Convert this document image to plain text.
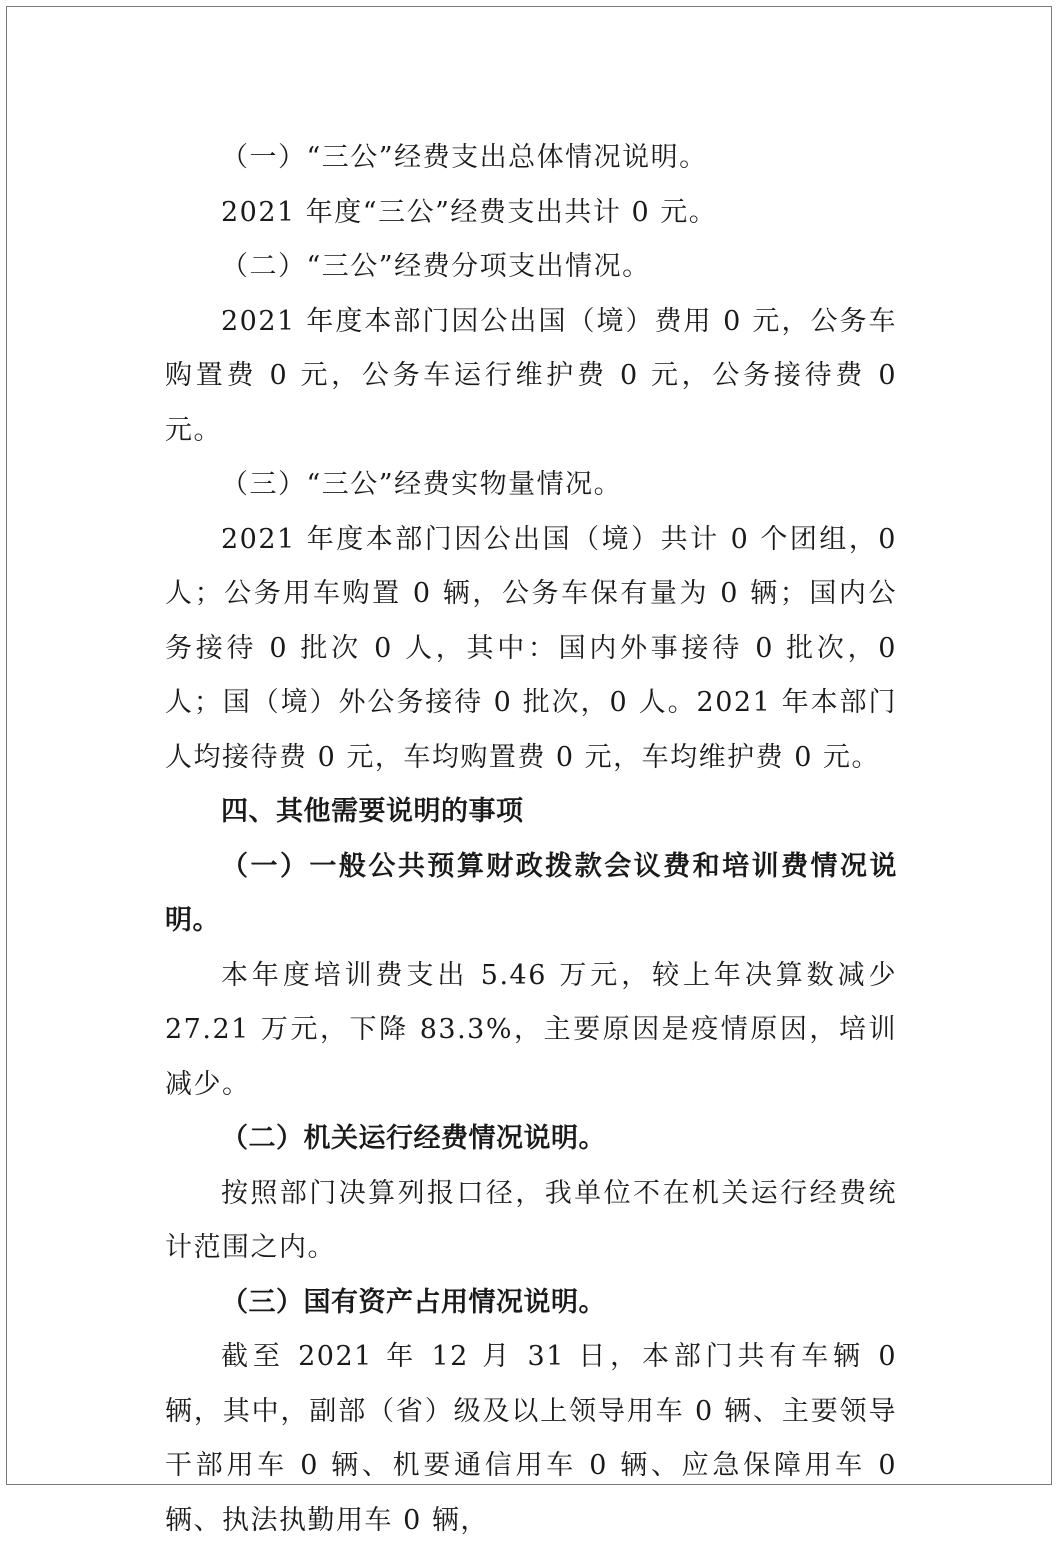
（一）“三公”经费支出总体情况说明。

2021 年度“三公”经费支出共计 0 元。

（二）“三公”经费分项支出情况。

2021 年度本部门因公出国（境）费用 0 元，公务车购置费 0 元，公务车运行维护费 0 元，公务接待费 0 元。

（三）“三公”经费实物量情况。

2021 年度本部门因公出国（境）共计 0 个团组，0 人；公务用车购置 0 辆，公务车保有量为 0 辆；国内公务接待 0 批次 0 人，其中：国内外事接待 0 批次，0 人；国（境）外公务接待 0 批次，0 人。2021 年本部门人均接待费 0 元，车均购置费 0 元，车均维护费 0 元。

四、其他需要说明的事项

（一）一般公共预算财政拨款会议费和培训费情况说明。

本年度培训费支出 5.46 万元，较上年决算数减少 27.21 万元，下降 83.3%，主要原因是疫情原因，培训减少。

（二）机关运行经费情况说明。

按照部门决算列报口径，我单位不在机关运行经费统计范围之内。

（三）国有资产占用情况说明。

截至 2021 年 12 月 31 日，本部门共有车辆 0 辆，其中，副部（省）级及以上领导用车 0 辆、主要领导干部用车 0 辆、机要通信用车 0 辆、应急保障用车 0 辆、执法执勤用车 0 辆，
